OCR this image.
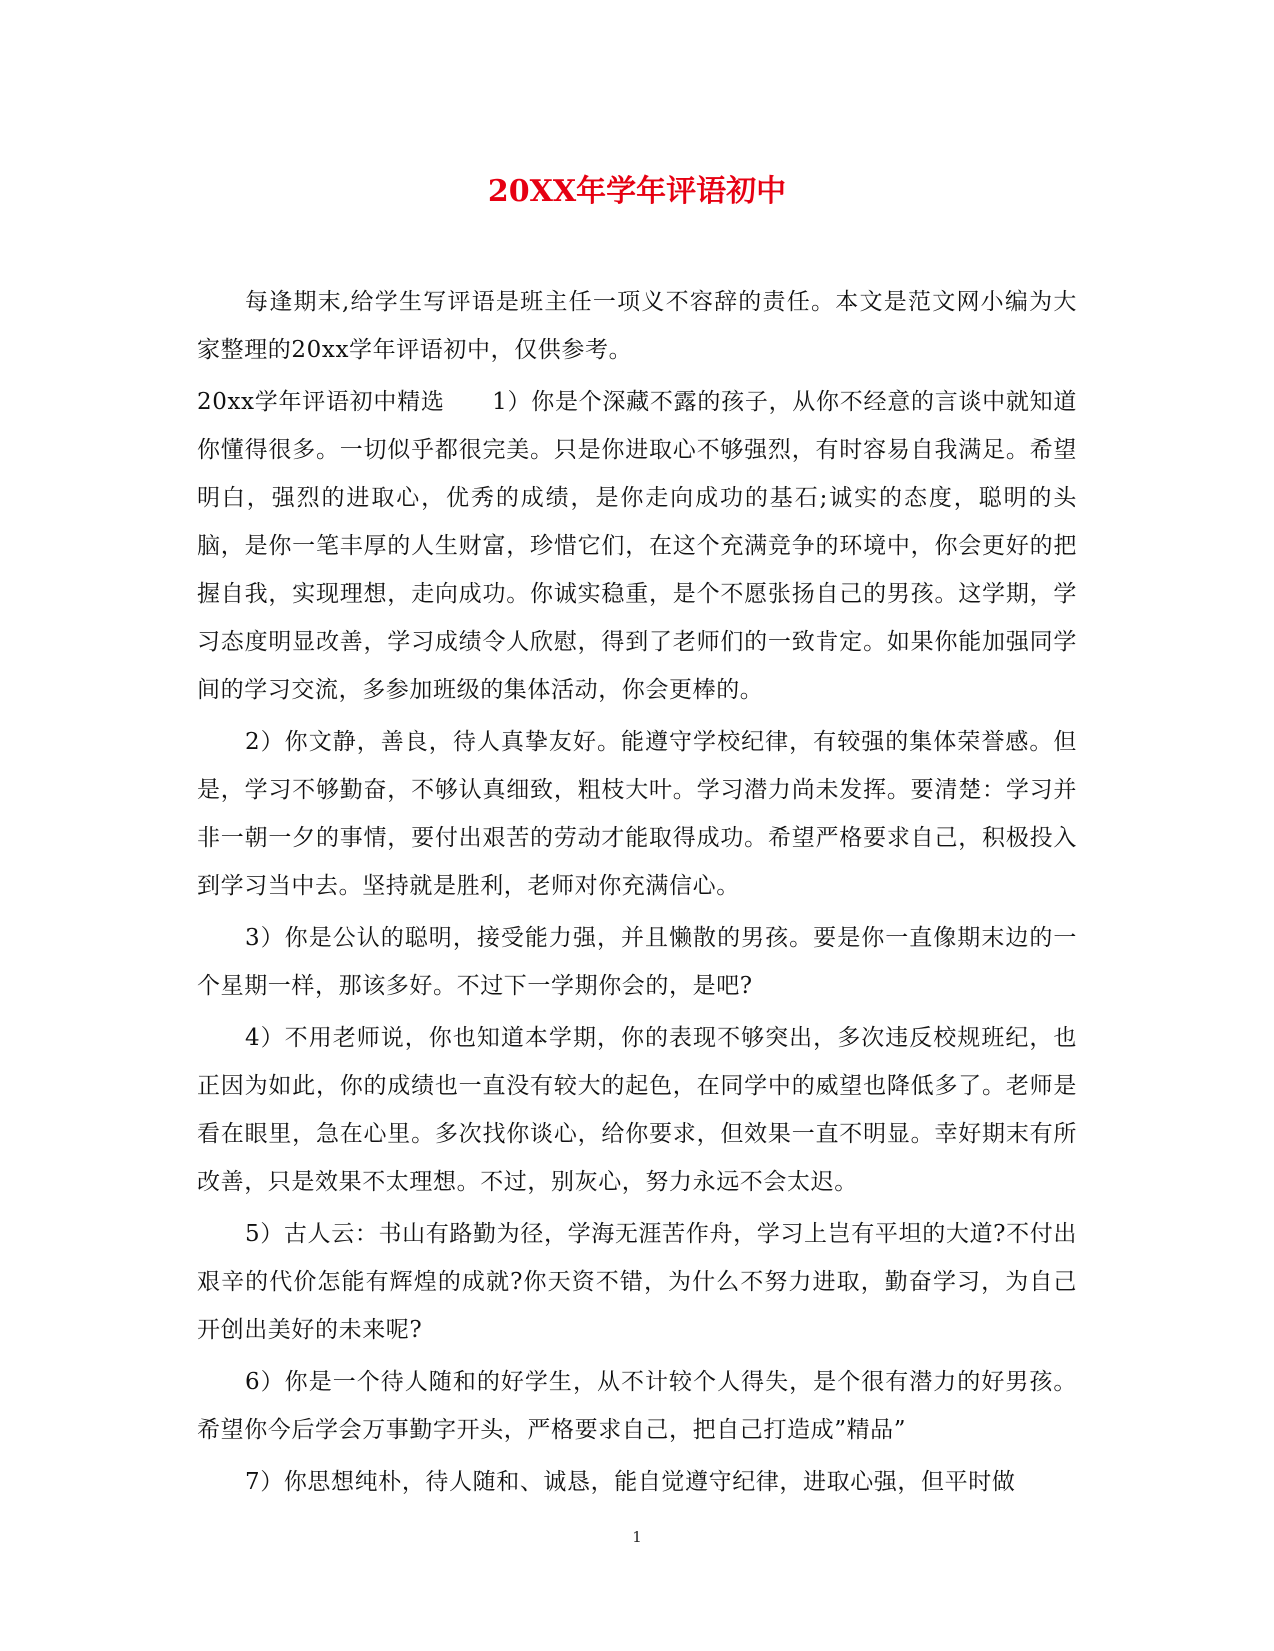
20XX年学年评语初中

每逢期末,给学生写评语是班主任一项义不容辞的责任。本文是范文网小编为大家整理的20xx学年评语初中，仅供参考。

20xx学年评语初中精选　　1）你是个深藏不露的孩子，从你不经意的言谈中就知道你懂得很多。一切似乎都很完美。只是你进取心不够强烈，有时容易自我满足。希望明白，强烈的进取心，优秀的成绩，是你走向成功的基石;诚实的态度，聪明的头脑，是你一笔丰厚的人生财富，珍惜它们，在这个充满竞争的环境中，你会更好的把握自我，实现理想，走向成功。你诚实稳重，是个不愿张扬自己的男孩。这学期，学习态度明显改善，学习成绩令人欣慰，得到了老师们的一致肯定。如果你能加强同学间的学习交流，多参加班级的集体活动，你会更棒的。

2）你文静，善良，待人真挚友好。能遵守学校纪律，有较强的集体荣誉感。但是，学习不够勤奋，不够认真细致，粗枝大叶。学习潜力尚未发挥。要清楚：学习并非一朝一夕的事情，要付出艰苦的劳动才能取得成功。希望严格要求自己，积极投入到学习当中去。坚持就是胜利，老师对你充满信心。

3）你是公认的聪明，接受能力强，并且懒散的男孩。要是你一直像期末边的一个星期一样，那该多好。不过下一学期你会的，是吧?

4）不用老师说，你也知道本学期，你的表现不够突出，多次违反校规班纪，也正因为如此，你的成绩也一直没有较大的起色，在同学中的威望也降低多了。老师是看在眼里，急在心里。多次找你谈心，给你要求，但效果一直不明显。幸好期末有所改善，只是效果不太理想。不过，别灰心，努力永远不会太迟。

5）古人云：书山有路勤为径，学海无涯苦作舟，学习上岂有平坦的大道?不付出艰辛的代价怎能有辉煌的成就?你天资不错，为什么不努力进取，勤奋学习，为自己开创出美好的未来呢?

6）你是一个待人随和的好学生，从不计较个人得失，是个很有潜力的好男孩。希望你今后学会万事勤字开头，严格要求自己，把自己打造成”精品”

7）你思想纯朴，待人随和、诚恳，能自觉遵守纪律，进取心强，但平时做

1
